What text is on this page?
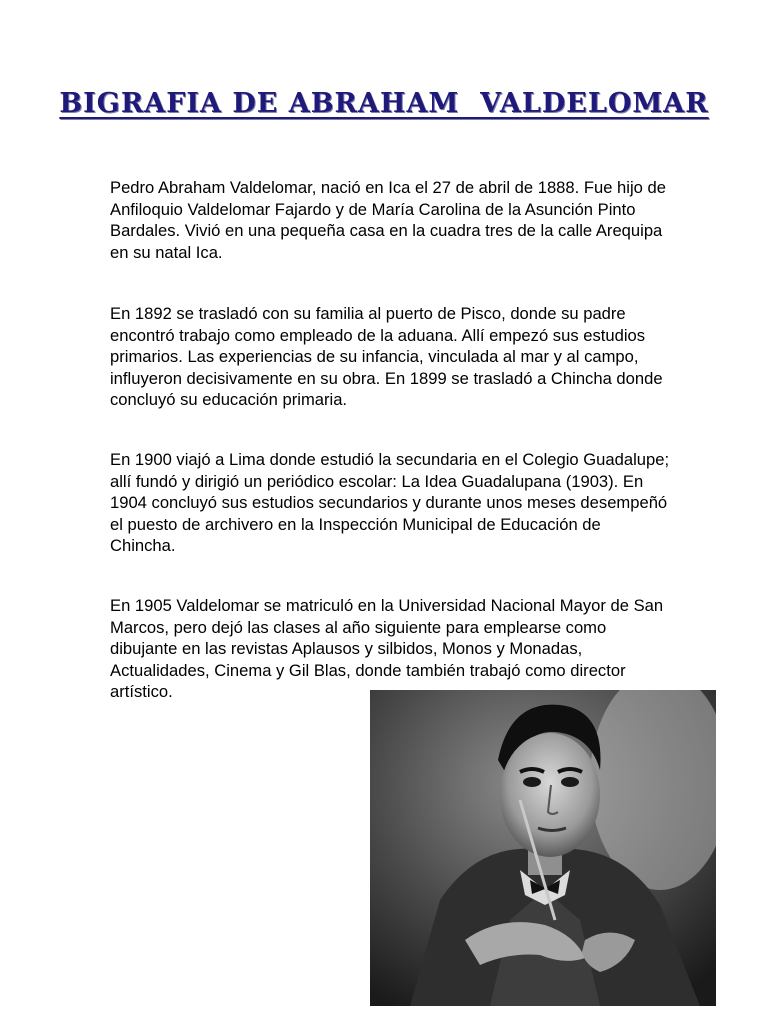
BIGRAFIA DE ABRAHAM  VALDELOMAR

Pedro Abraham Valdelomar, nació en Ica el 27 de abril de 1888. Fue hijo de Anfiloquio Valdelomar Fajardo y de María Carolina de la Asunción Pinto Bardales. Vivió en una pequeña casa en la cuadra tres de la calle Arequipa en su natal Ica.

En 1892 se trasladó con su familia al puerto de Pisco, donde su padre encontró trabajo como empleado de la aduana. Allí empezó sus estudios primarios. Las experiencias de su infancia, vinculada al mar y al campo, influyeron decisivamente en su obra. En 1899 se trasladó a Chincha donde concluyó su educación primaria.

En 1900 viajó a Lima donde estudió la secundaria en el Colegio Guadalupe; allí fundó y dirigió un periódico escolar: La Idea Guadalupana (1903). En 1904 concluyó sus estudios secundarios y durante unos meses desempeñó el puesto de archivero en la Inspección Municipal de Educación de Chincha.

En 1905 Valdelomar se matriculó en la Universidad Nacional Mayor de San Marcos, pero dejó las clases al año siguiente para emplearse como dibujante en las revistas Aplausos y silbidos, Monos y Monadas, Actualidades, Cinema y Gil Blas, donde también trabajó como director artístico.
